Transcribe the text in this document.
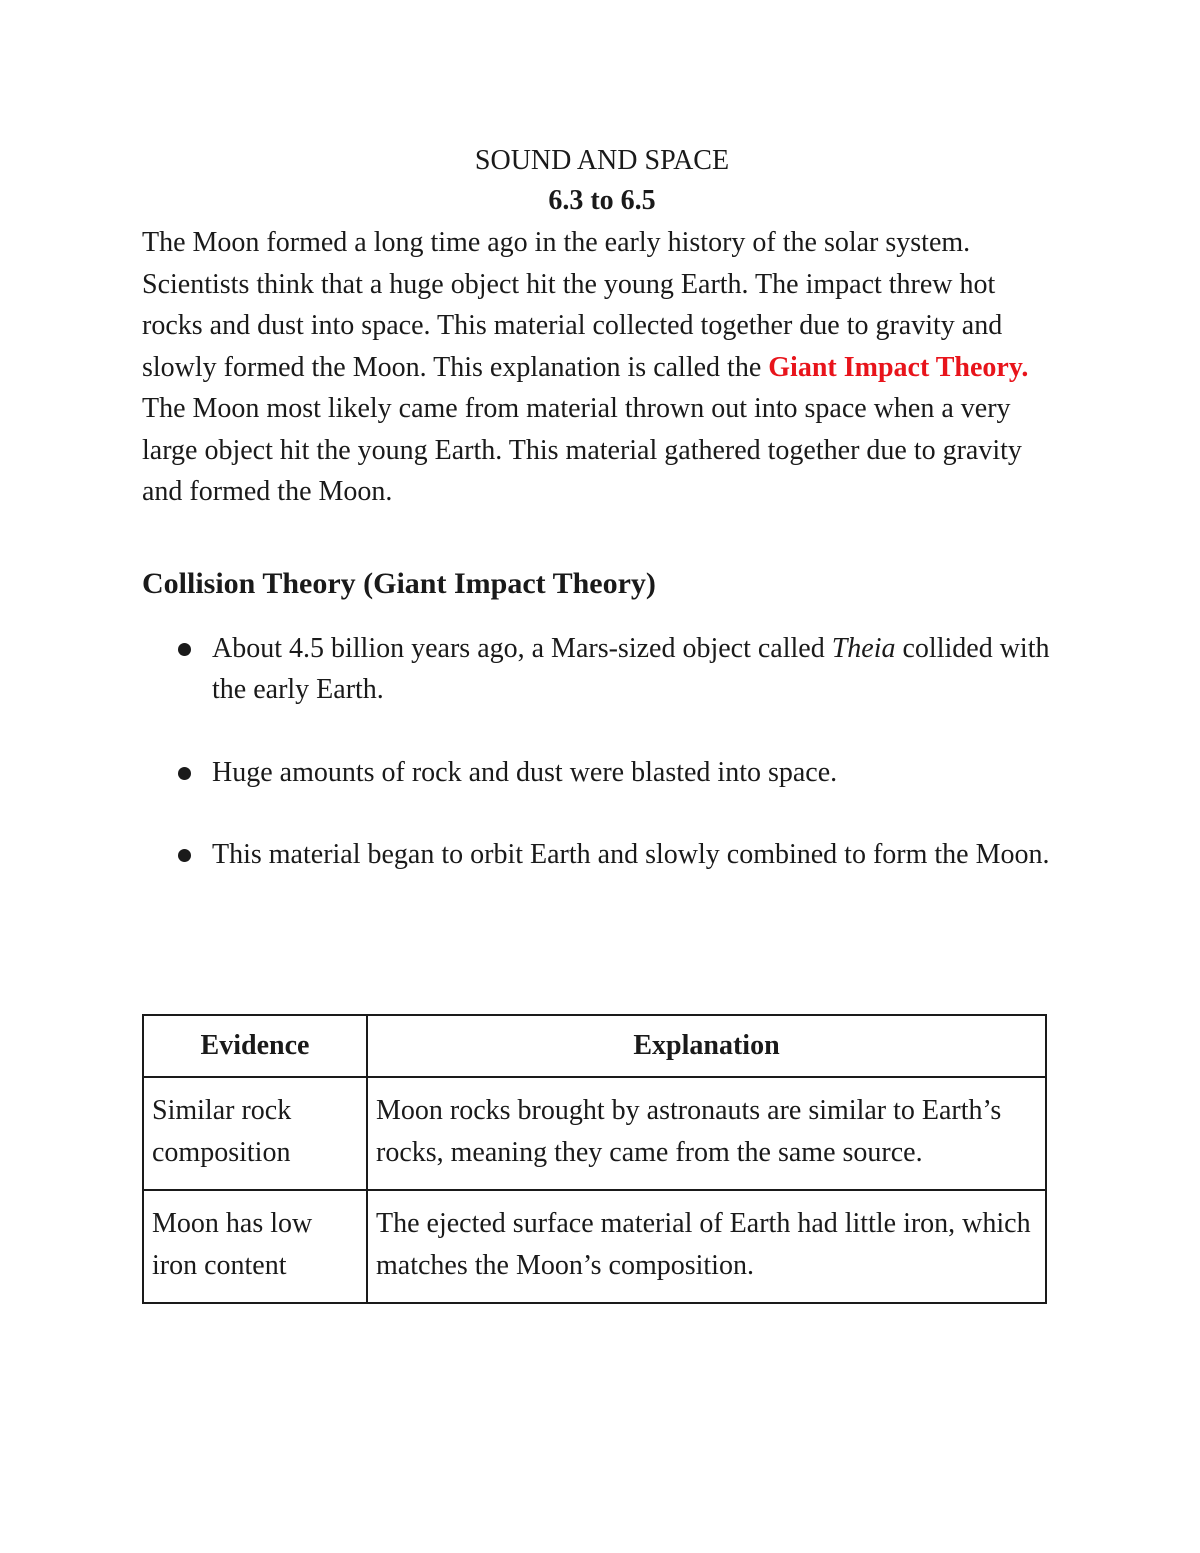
SOUND AND SPACE

6.3 to 6.5

The Moon formed a long time ago in the early history of the solar system. Scientists think that a huge object hit the young Earth. The impact threw hot rocks and dust into space. This material collected together due to gravity and slowly formed the Moon. This explanation is called the Giant Impact Theory.

The Moon most likely came from material thrown out into space when a very large object hit the young Earth. This material gathered together due to gravity and formed the Moon.

Collision Theory (Giant Impact Theory)
About 4.5 billion years ago, a Mars-sized object called Theia collided with the early Earth.
Huge amounts of rock and dust were blasted into space.
This material began to orbit Earth and slowly combined to form the Moon.
Evidence	Explanation
Similar rock composition	Moon rocks brought by astronauts are similar to Earth’s rocks, meaning they came from the same source.
Moon has low iron content	The ejected surface material of Earth had little iron, which matches the Moon’s composition.
